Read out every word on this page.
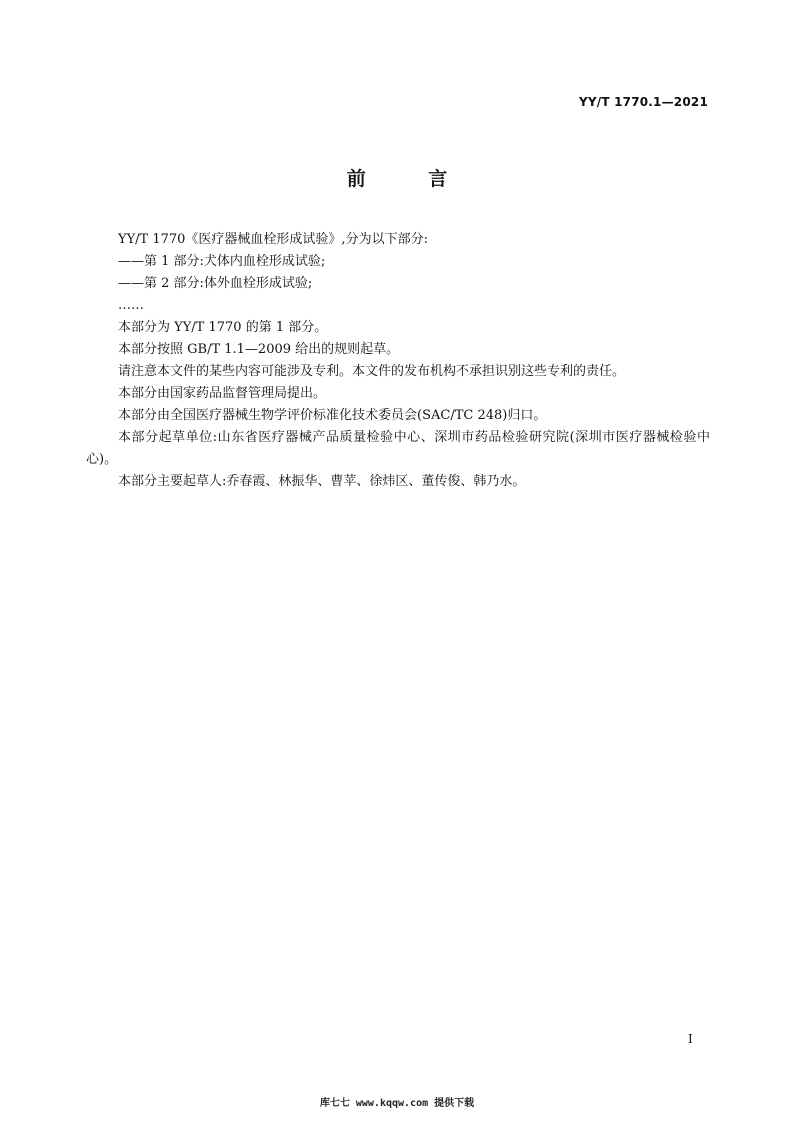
YY/T 1770.1—2021
前 言

YY/T 1770《医疗器械血栓形成试验》,分为以下部分:

——第 1 部分:犬体内血栓形成试验;

——第 2 部分:体外血栓形成试验;

……

本部分为 YY/T 1770 的第 1 部分。

本部分按照 GB/T 1.1—2009 给出的规则起草。

请注意本文件的某些内容可能涉及专利。本文件的发布机构不承担识别这些专利的责任。

本部分由国家药品监督管理局提出。

本部分由全国医疗器械生物学评价标准化技术委员会(SAC/TC 248)归口。

本部分起草单位:山东省医疗器械产品质量检验中心、深圳市药品检验研究院(深圳市医疗器械检验中心)。

本部分主要起草人:乔春霞、林振华、曹苹、徐炜区、董传俊、韩乃水。

I
库七七 www.kqqw.com 提供下载
